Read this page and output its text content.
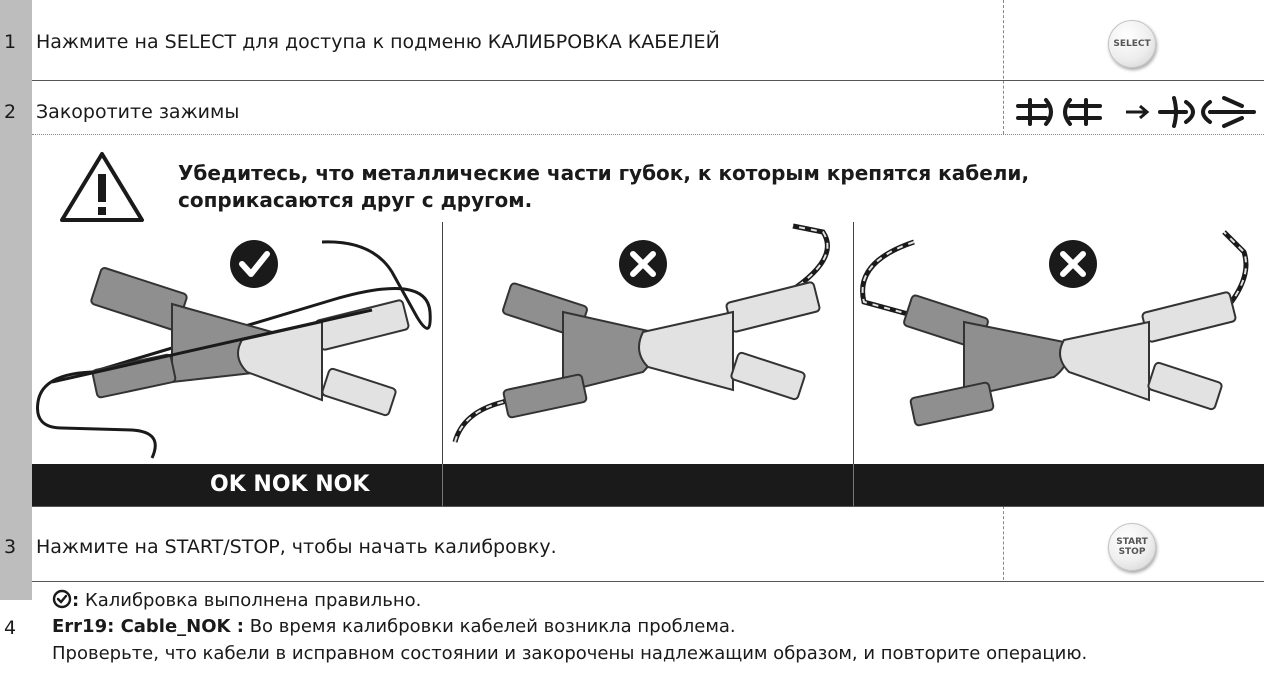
1 Нажмите на SELECT для доступа к подменю КАЛИБРОВКА КАБЕЛЕЙ	SELECT
2 Закоротите зажимы
Убедитесь, что металлические части губок, к которым крепятся кабели,
соприкасаются друг с другом.
OK NOK NOK
3 Нажмите на START/STOP, чтобы начать калибровку.	START
STOP
4
: Калибровка выполнена правильно.
Err19: Cable_NOK : Во время калибровки кабелей возникла проблема.
Проверьте, что кабели в исправном состоянии и закорочены надлежащим образом, и повторите операцию.
